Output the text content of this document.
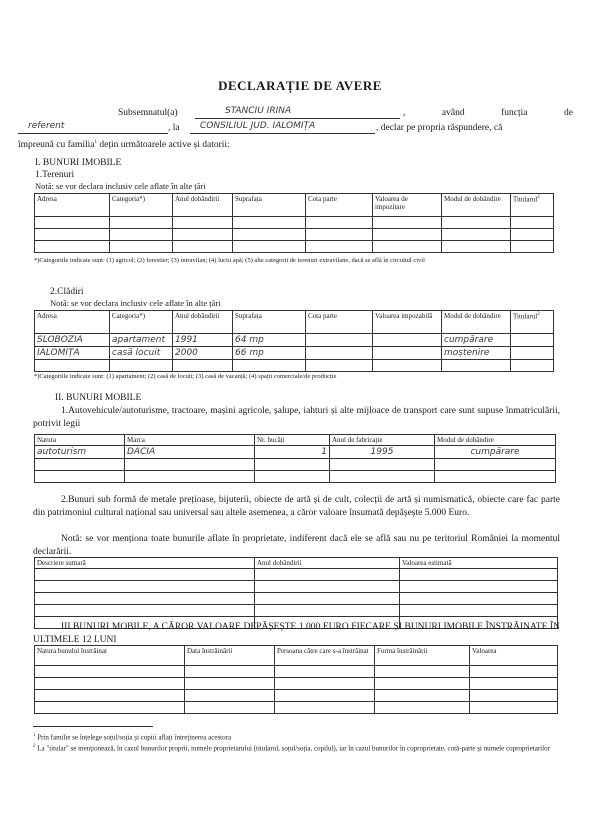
DECLARAȚIE DE AVERE
Subsemnatul(a)	STANCIU IRINA	, având funcția de
referent	, la CONSILIUL JUD. IALOMIȚA	, declar pe propria răspundere, că
împreună cu familia$^1$ dețin următoarele active și datorii:
I. BUNURI IMOBILE
1.Terenuri
Notă: se vor declara inclusiv cele aflate în alte țări
Adresa	Categoria*)	Anul dobândirii	Suprafața	Cota parte	Valoarea de impozitare	Modul de dobândire	Titularul$^2$

*)Categoriile indicate sunt: (1) agricol; (2) forestier; (3) intravilan; (4) luciu apă; (5) alte categorii de terenuri extravilane, dacă se află în circuitul civil
2.Clădiri
Notă: se vor declara inclusiv cele aflate în alte țări
Adresa	Categoria*)	Anul dobândirii	Suprafața	Cota parte	Valoarea impozabilă	Modul de dobândire	Titularul$^2$
SLOBOZIA	apartament	1991	64 mp			cumpărare	
IALOMIȚA	casă locuit	2000	66 mp			moștenire	

*)Categoriile indicate sunt: (1) apartament; (2) casă de locuit; (3) casă de vacanță; (4) spații comerciale/de producție
II. BUNURI MOBILE
1.Autovehicule/autoturisme, tractoare, mașini agricole, șalupe, iahturi și alte mijloace de transport care sunt supuse înmatriculării, potrivit legii
Natura	Marca	Nr. bucăți	Anul de fabricație	Modul de dobândire
autoturism	DACIA	1	1995	cumpărare

2.Bunuri sub formă de metale prețioase, bijuterii, obiecte de artă și de cult, colecții de artă și numismatică, obiecte care fac parte din patrimoniul cultural național sau universal sau altele asemenea, a căror valoare însumată depășește 5.000 Euro.
Notă: se vor menționa toate bunurile aflate în proprietate, indiferent dacă ele se află sau nu pe teritoriul României la momentul declarării.
Descriere sumară	Anul dobândirii	Valoarea estimată

III.BUNURI MOBILE, A CĂROR VALOARE DEPĂȘEȘTE 1.000 EURO FIECARE ȘI BUNURI IMOBILE ÎNSTRĂINATE ÎN ULTIMELE 12 LUNI
Natura bunului înstrăinat	Data înstrăinării	Persoana către care s-a înstrăinat	Forma înstrăinării	Valoarea

$^1$ Prin familie se înțelege soțul/soția și copiii aflați întreținerea acestora
$^2$ La "titular" se menționează, în cazul bunurilor proprii, numele proprietarului (titularul, soțul/soția, copilul), iar în cazul bunurilor în coproprietate, cotă-parte și numele coproprietarilor
